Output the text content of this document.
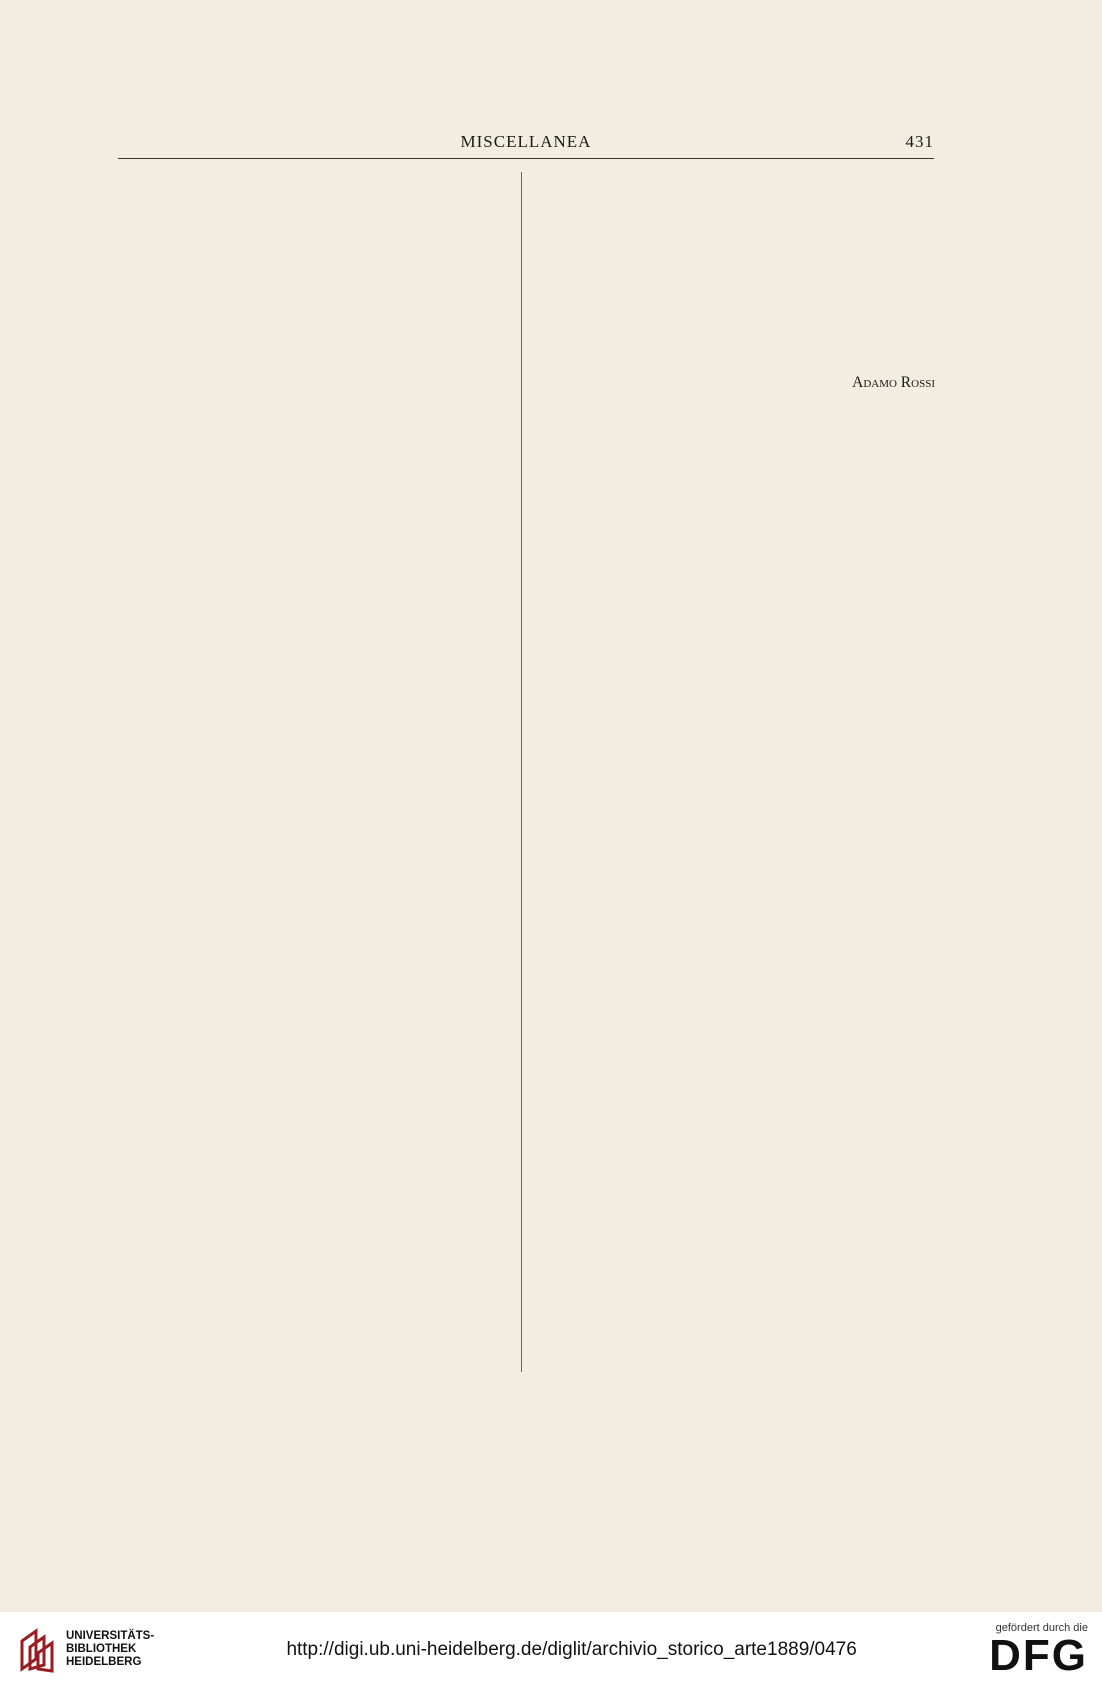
MISCELLANEA	431

Adamo Rossi

UNIVERSITÄTS-
BIBLIOTHEK
HEIDELBERG
http://digi.ub.uni-heidelberg.de/diglit/archivio_storico_arte1889/0476
gefördert durch die
DFG
